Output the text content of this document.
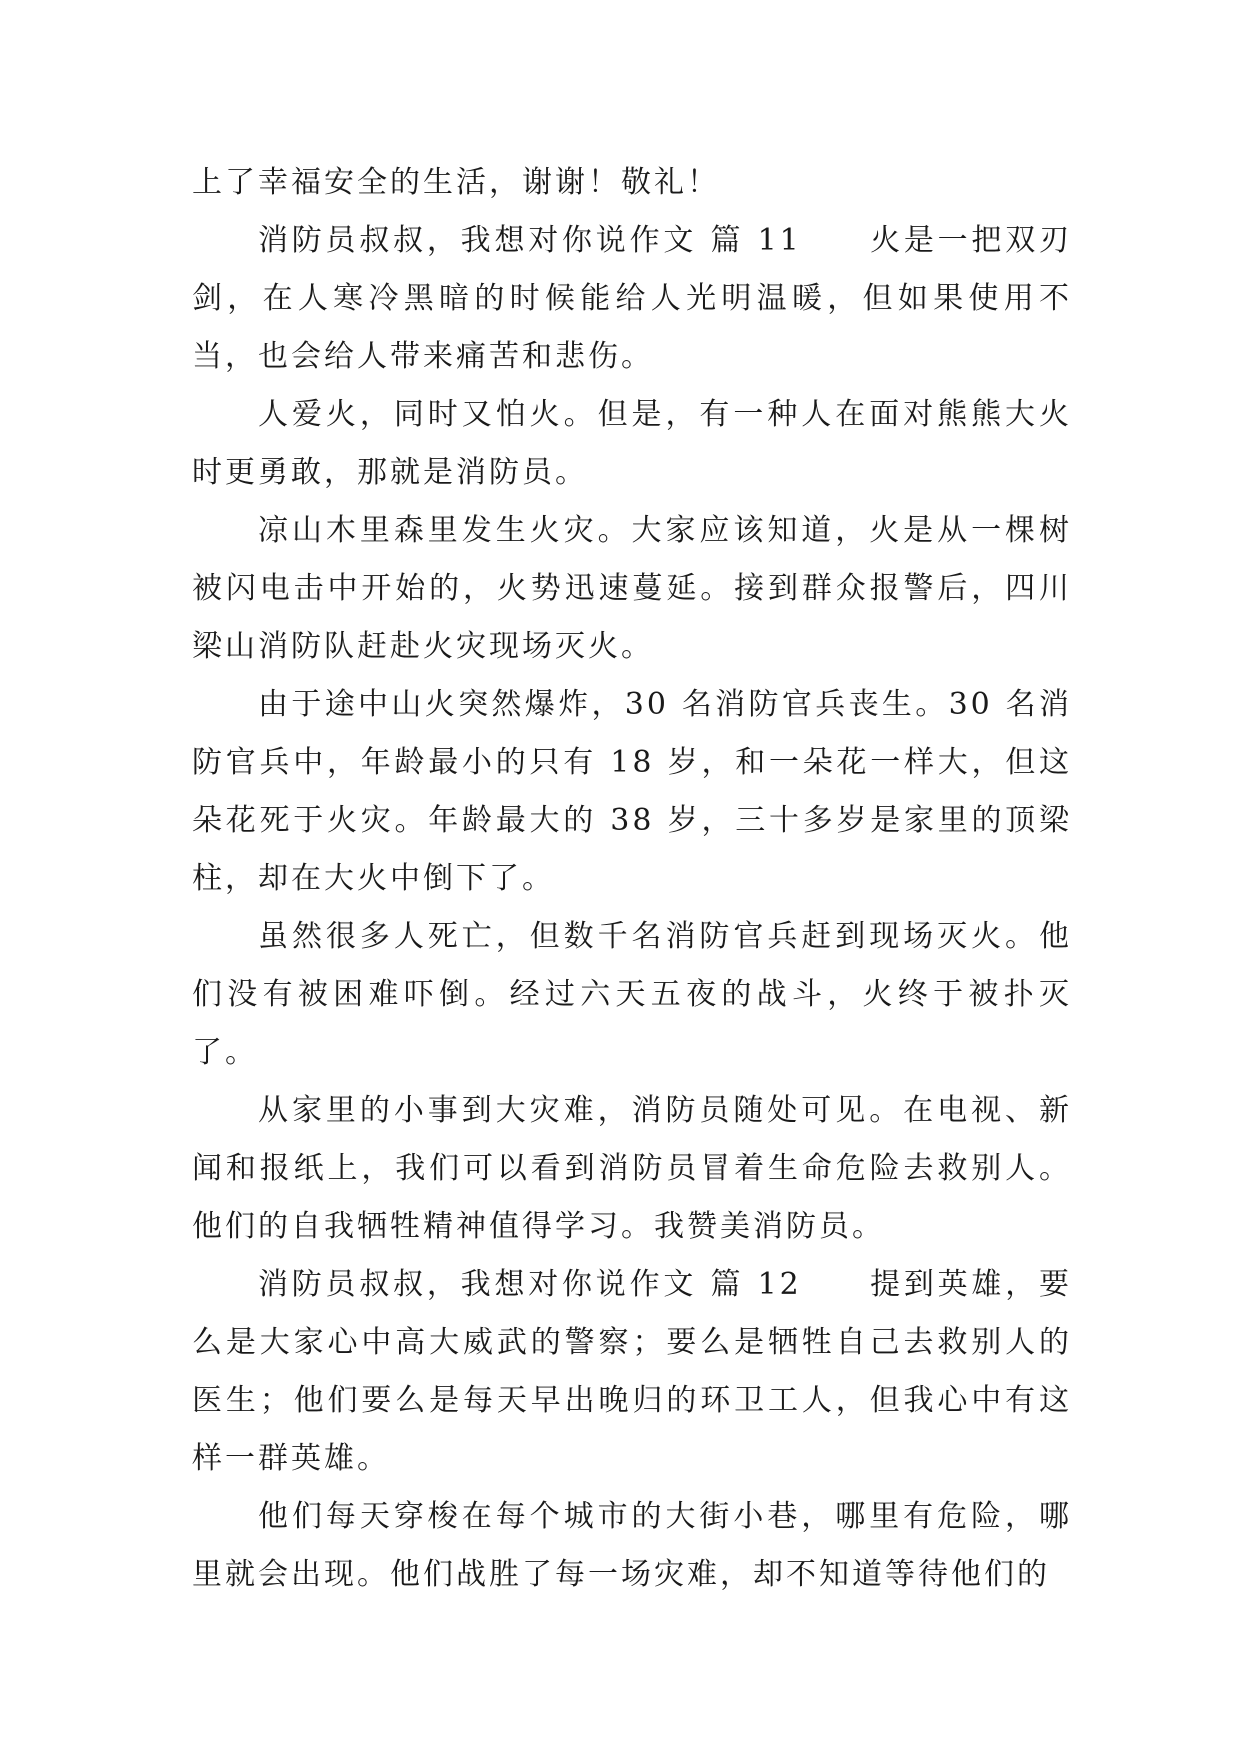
上了幸福安全的生活，谢谢！敬礼！

消防员叔叔，我想对你说作文 篇 11　　火是一把双刃剑，在人寒冷黑暗的时候能给人光明温暖，但如果使用不当，也会给人带来痛苦和悲伤。

人爱火，同时又怕火。但是，有一种人在面对熊熊大火时更勇敢，那就是消防员。

凉山木里森里发生火灾。大家应该知道，火是从一棵树被闪电击中开始的，火势迅速蔓延。接到群众报警后，四川梁山消防队赶赴火灾现场灭火。

由于途中山火突然爆炸，30 名消防官兵丧生。30 名消防官兵中，年龄最小的只有 18 岁，和一朵花一样大，但这朵花死于火灾。年龄最大的 38 岁，三十多岁是家里的顶梁柱，却在大火中倒下了。

虽然很多人死亡，但数千名消防官兵赶到现场灭火。他们没有被困难吓倒。经过六天五夜的战斗，火终于被扑灭了。

从家里的小事到大灾难，消防员随处可见。在电视、新闻和报纸上，我们可以看到消防员冒着生命危险去救别人。他们的自我牺牲精神值得学习。我赞美消防员。

消防员叔叔，我想对你说作文 篇 12　　提到英雄，要么是大家心中高大威武的警察；要么是牺牲自己去救别人的医生；他们要么是每天早出晚归的环卫工人，但我心中有这样一群英雄。

他们每天穿梭在每个城市的大街小巷，哪里有危险，哪里就会出现。他们战胜了每一场灾难，却不知道等待他们的
